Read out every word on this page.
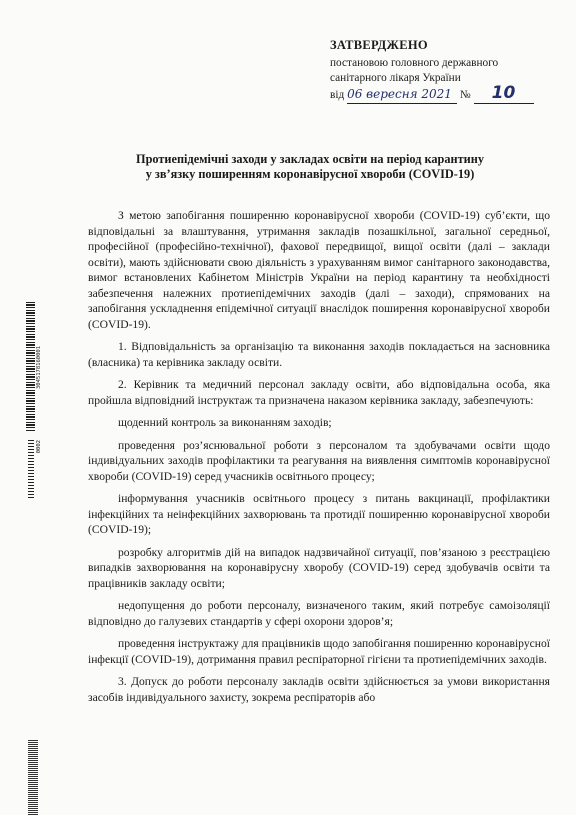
ЗАТВЕРДЖЕНО
постановою головного державного
санітарного лікаря України
від 06 вересня 2021 № 10
Протиепідемічні заходи у закладах освіти на період карантину
у зв’язку поширенням коронавірусної хвороби (COVID-19)
3045178160001
0002

З метою запобігання поширенню коронавірусної хвороби (COVID-19) суб’єкти, що відповідальні за влаштування, утримання закладів позашкільної, загальної середньої, професійної (професійно-технічної), фахової передвищої, вищої освіти (далі – заклади освіти), мають здійснювати свою діяльність з урахуванням вимог санітарного законодавства, вимог встановлених Кабінетом Міністрів України на період карантину та необхідності забезпечення належних протиепідемічних заходів (далі – заходи), спрямованих на запобігання ускладнення епідемічної ситуації внаслідок поширення коронавірусної хвороби (COVID-19).

1. Відповідальність за організацію та виконання заходів покладається на засновника (власника) та керівника закладу освіти.

2. Керівник та медичний персонал закладу освіти, або відповідальна особа, яка пройшла відповідний інструктаж та призначена наказом керівника закладу, забезпечують:

щоденний контроль за виконанням заходів;

проведення роз’яснювальної роботи з персоналом та здобувачами освіти щодо індивідуальних заходів профілактики та реагування на виявлення симптомів коронавірусної хвороби (COVID-19) серед учасників освітнього процесу;

інформування учасників освітнього процесу з питань вакцинації, профілактики інфекційних та неінфекційних захворювань та протидії поширенню коронавірусної хвороби (COVID-19);

розробку алгоритмів дій на випадок надзвичайної ситуації, пов’язаною з реєстрацією випадків захворювання на коронавірусну хворобу (COVID-19) серед здобувачів освіти та працівників закладу освіти;

недопущення до роботи персоналу, визначеного таким, який потребує самоізоляції відповідно до галузевих стандартів у сфері охорони здоров’я;

проведення інструктажу для працівників щодо запобігання поширенню коронавірусної інфекції (COVID-19), дотримання правил респіраторної гігієни та протиепідемічних заходів.

3. Допуск до роботи персоналу закладів освіти здійснюється за умови використання засобів індивідуального захисту, зокрема респіраторів або
